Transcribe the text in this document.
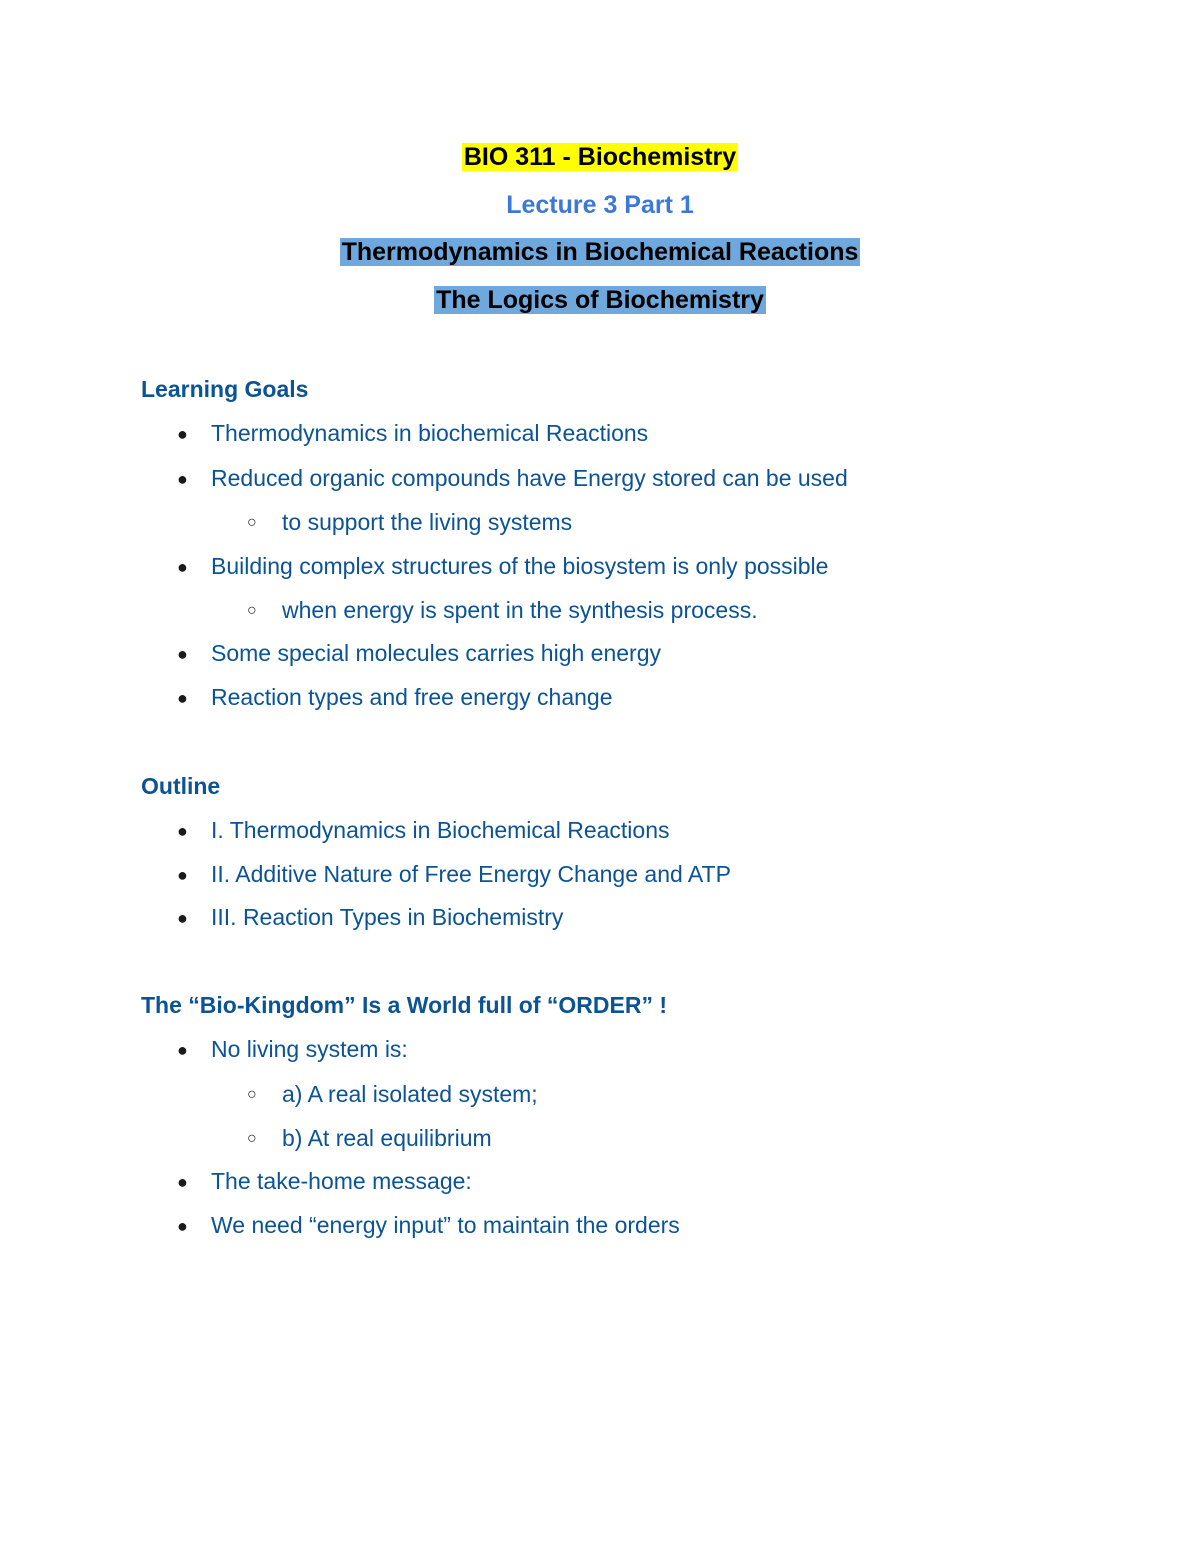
BIO 311 - Biochemistry
Lecture 3 Part 1
Thermodynamics in Biochemical Reactions
The Logics of Biochemistry
Learning Goals
● Thermodynamics in biochemical Reactions
● Reduced organic compounds have Energy stored can be used
○ to support the living systems
● Building complex structures of the biosystem is only possible
○ when energy is spent in the synthesis process.
● Some special molecules carries high energy
● Reaction types and free energy change
Outline
● I. Thermodynamics in Biochemical Reactions
● II. Additive Nature of Free Energy Change and ATP
● III. Reaction Types in Biochemistry
The “Bio-Kingdom” Is a World full of “ORDER” !
● No living system is:
○ a) A real isolated system;
○ b) At real equilibrium
● The take-home message:
● We need “energy input” to maintain the orders
